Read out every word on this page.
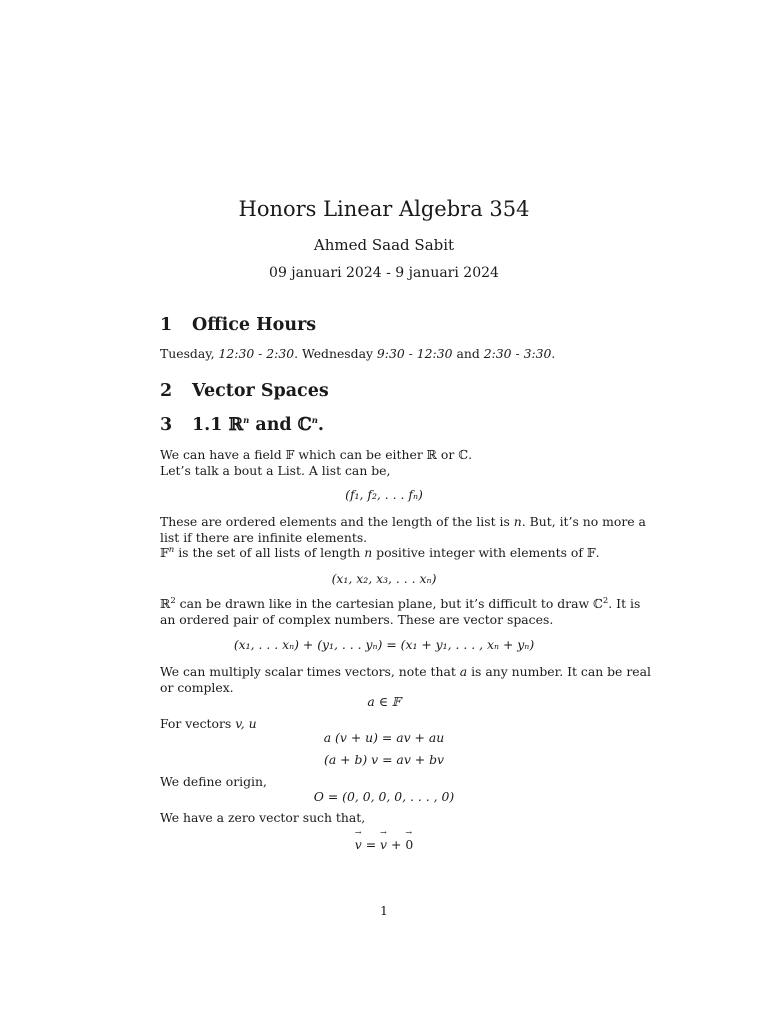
Honors Linear Algebra 354
Ahmed Saad Sabit
09 januari 2024 - 9 januari 2024
1 Office Hours
Tuesday, 12:30 - 2:30. Wednesday 9:30 - 12:30 and 2:30 - 3:30.
2 Vector Spaces
3 1.1 ℝ$^n$ and ℂ$^n$.
We can have a field 𝔽 which can be either ℝ or ℂ.
Let’s talk a bout a List. A list can be,
(f₁, f₂, . . . fₙ)
These are ordered elements and the length of the list is n. But, it’s no more a
list if there are infinite elements.
𝔽$^n$ is the set of all lists of length n positive integer with elements of 𝔽.
(x₁, x₂, x₃, . . . xₙ)
ℝ$^2$ can be drawn like in the cartesian plane, but it’s difficult to draw ℂ$^2$. It is
an ordered pair of complex numbers. These are vector spaces.
(x₁, . . . xₙ) + (y₁, . . . yₙ) = (x₁ + y₁, . . . , xₙ + yₙ)
We can multiply scalar times vectors, note that a is any number. It can be real
or complex.
a ∈ 𝔽
For vectors v, u
a (v + u) = av + au
(a + b) v = av + bv
We define origin,
O = (0, 0, 0, 0, . . . , 0)
We have a zero vector such that,
→ v = → v + → 0
1
